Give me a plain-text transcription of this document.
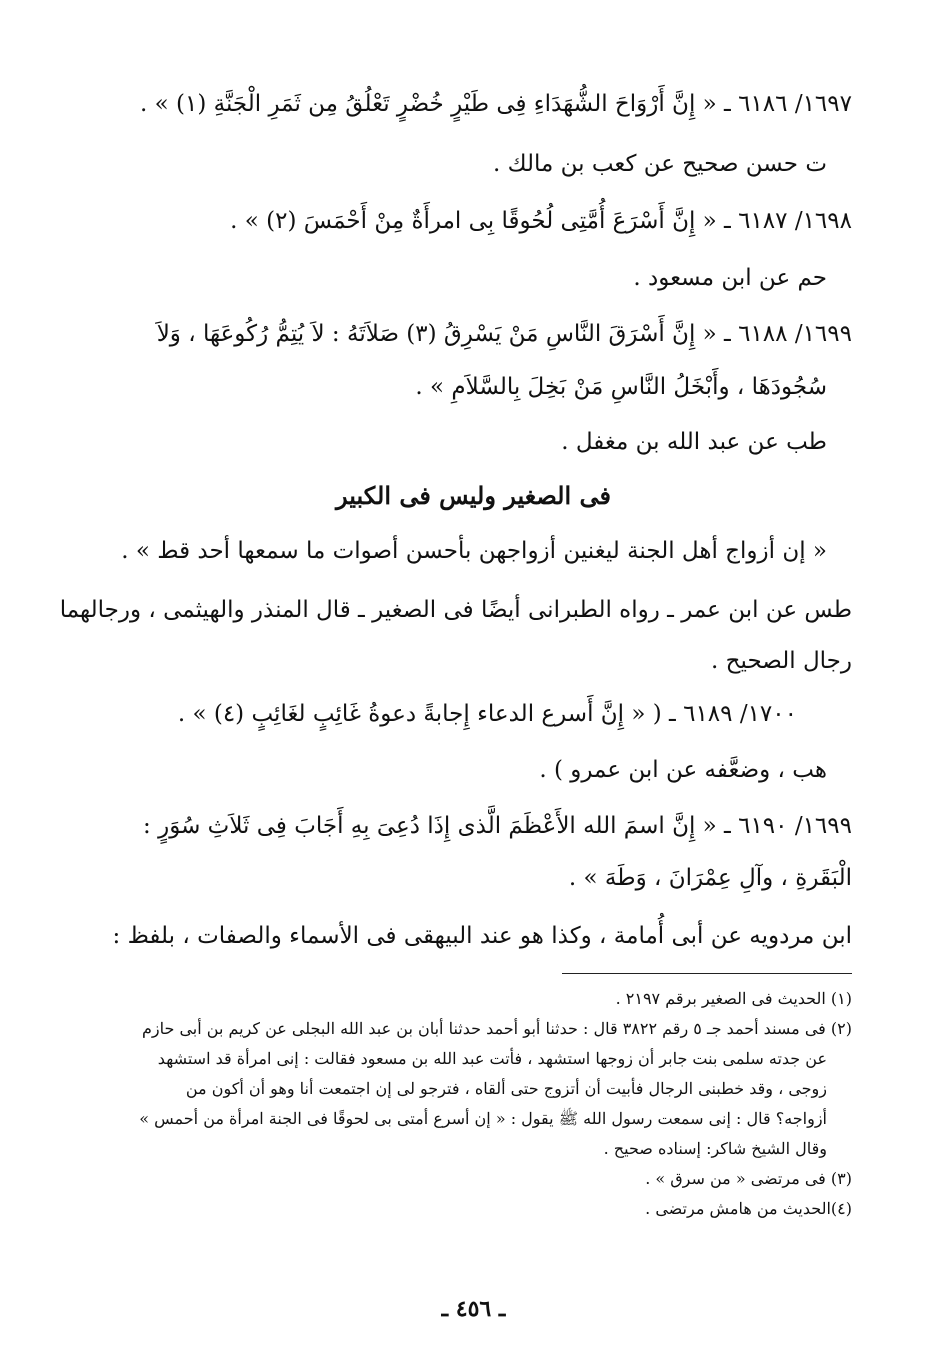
١٦٩٧/ ٦١٨٦ ـ « إِنَّ أَرْوَاحَ الشُّهَدَاءِ فِى طَيْرٍ خُضْرٍ تَعْلُقُ مِن ثَمَرِ الْجَنَّةِ (١) » .
ت حسن صحيح عن كعب بن مالك .
١٦٩٨/ ٦١٨٧ ـ « إِنَّ أَسْرَعَ أُمَّتِى لُحُوقًا بِى امرأَةٌ مِنْ أَحْمَسَ (٢) » .
حم عن ابن مسعود .
١٦٩٩/ ٦١٨٨ ـ « إِنَّ أَسْرَقَ النَّاسِ مَنْ يَسْرِقُ (٣) صَلاَتَهُ : لاَ يُتِمُّ رُكُوعَهَا ، وَلاَ
سُجُودَهَا ، وأَبْخَلُ النَّاسِ مَنْ بَخِلَ بِالسَّلاَمِ » .
طب عن عبد الله بن مغفل .
فى الصغير وليس فى الكبير
« إن أزواج أهل الجنة ليغنين أزواجهن بأحسن أصوات ما سمعها أحد قط » .
طس عن ابن عمر ـ رواه الطبرانى أيضًا فى الصغير ـ قال المنذر والهيثمى ، ورجالهما
رجال الصحيح .
١٧٠٠/ ٦١٨٩ ـ ( « إِنَّ أَسرع الدعاء إِجابةً دعوةُ غَائِبٍ لغَائِبٍ (٤) » .
هب ، وضعَّفه عن ابن عمرو ) .
١٦٩٩/ ٦١٩٠ ـ « إِنَّ اسمَ الله الأَعْظَمَ الَّذى إِذَا دُعِىَ بِهِ أَجَابَ فِى ثَلاَثِ سُوَرٍ :
الْبَقَرةِ ، وآلِ عِمْرَانَ ، وَطَهَ » .
ابن مردويه عن أبى أُمامة ، وكذا هو عند البيهقى فى الأسماء والصفات ، بلفظ :
(١) الحديث فى الصغير برقم ٢١٩٧ .
(٢) فى مسند أحمد جـ ٥ رقم ٣٨٢٢ قال : حدثنا أبو أحمد حدثنا أبان بن عبد الله البجلى عن كريم بن أبى حازم
عن جدته سلمى بنت جابر أن زوجها استشهد ، فأتت عبد الله بن مسعود فقالت : إنى امرأة قد استشهد
زوجى ، وقد خطبنى الرجال فأبيت أن أتزوج حتى ألقاه ، فترجو لى إن اجتمعت أنا وهو أن أكون من
أزواجه؟ قال : إنى سمعت رسول الله ﷺ يقول : « إن أسرع أمتى بى لحوقًا فى الجنة امرأة من أحمس »
وقال الشيخ شاكر: إسناده صحيح .
(٣) فى مرتضى « من سرق » .
(٤)الحديث من هامش مرتضى .
ـ ٤٥٦ ـ
